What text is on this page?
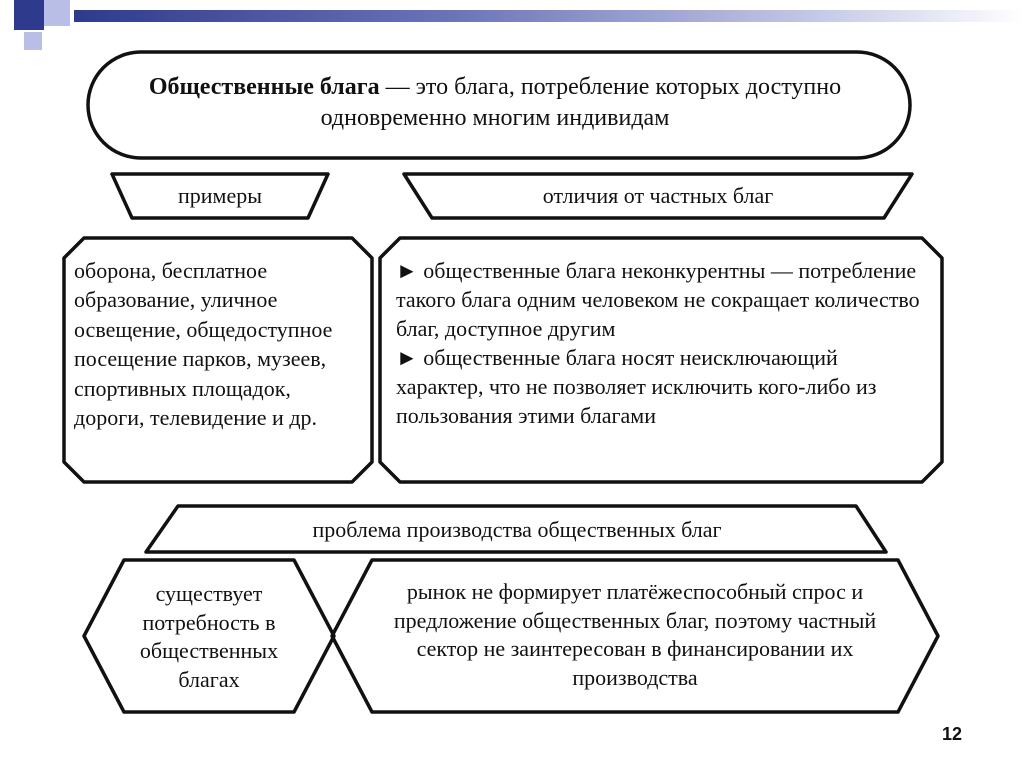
Общественные блага — это блага, потребление которых доступно одновременно многим индивидам
примеры	отличия от частных благ
оборона, бесплатное образование, уличное освещение, общедоступное посещение парков, музеев, спортивных площадок, дороги, телевидение и др.
► общественные блага неконкурентны — потребление такого блага одним человеком не сокращает количество благ, доступное другим
► общественные блага носят неисключающий характер, что не позволяет исключить кого-либо из пользования этими благами
проблема производства общественных благ
существует потребность в общественных благах
рынок не формирует платёжеспособный спрос и предложение общественных благ, поэтому частный сектор не заинтересован в финансировании их производства
12
